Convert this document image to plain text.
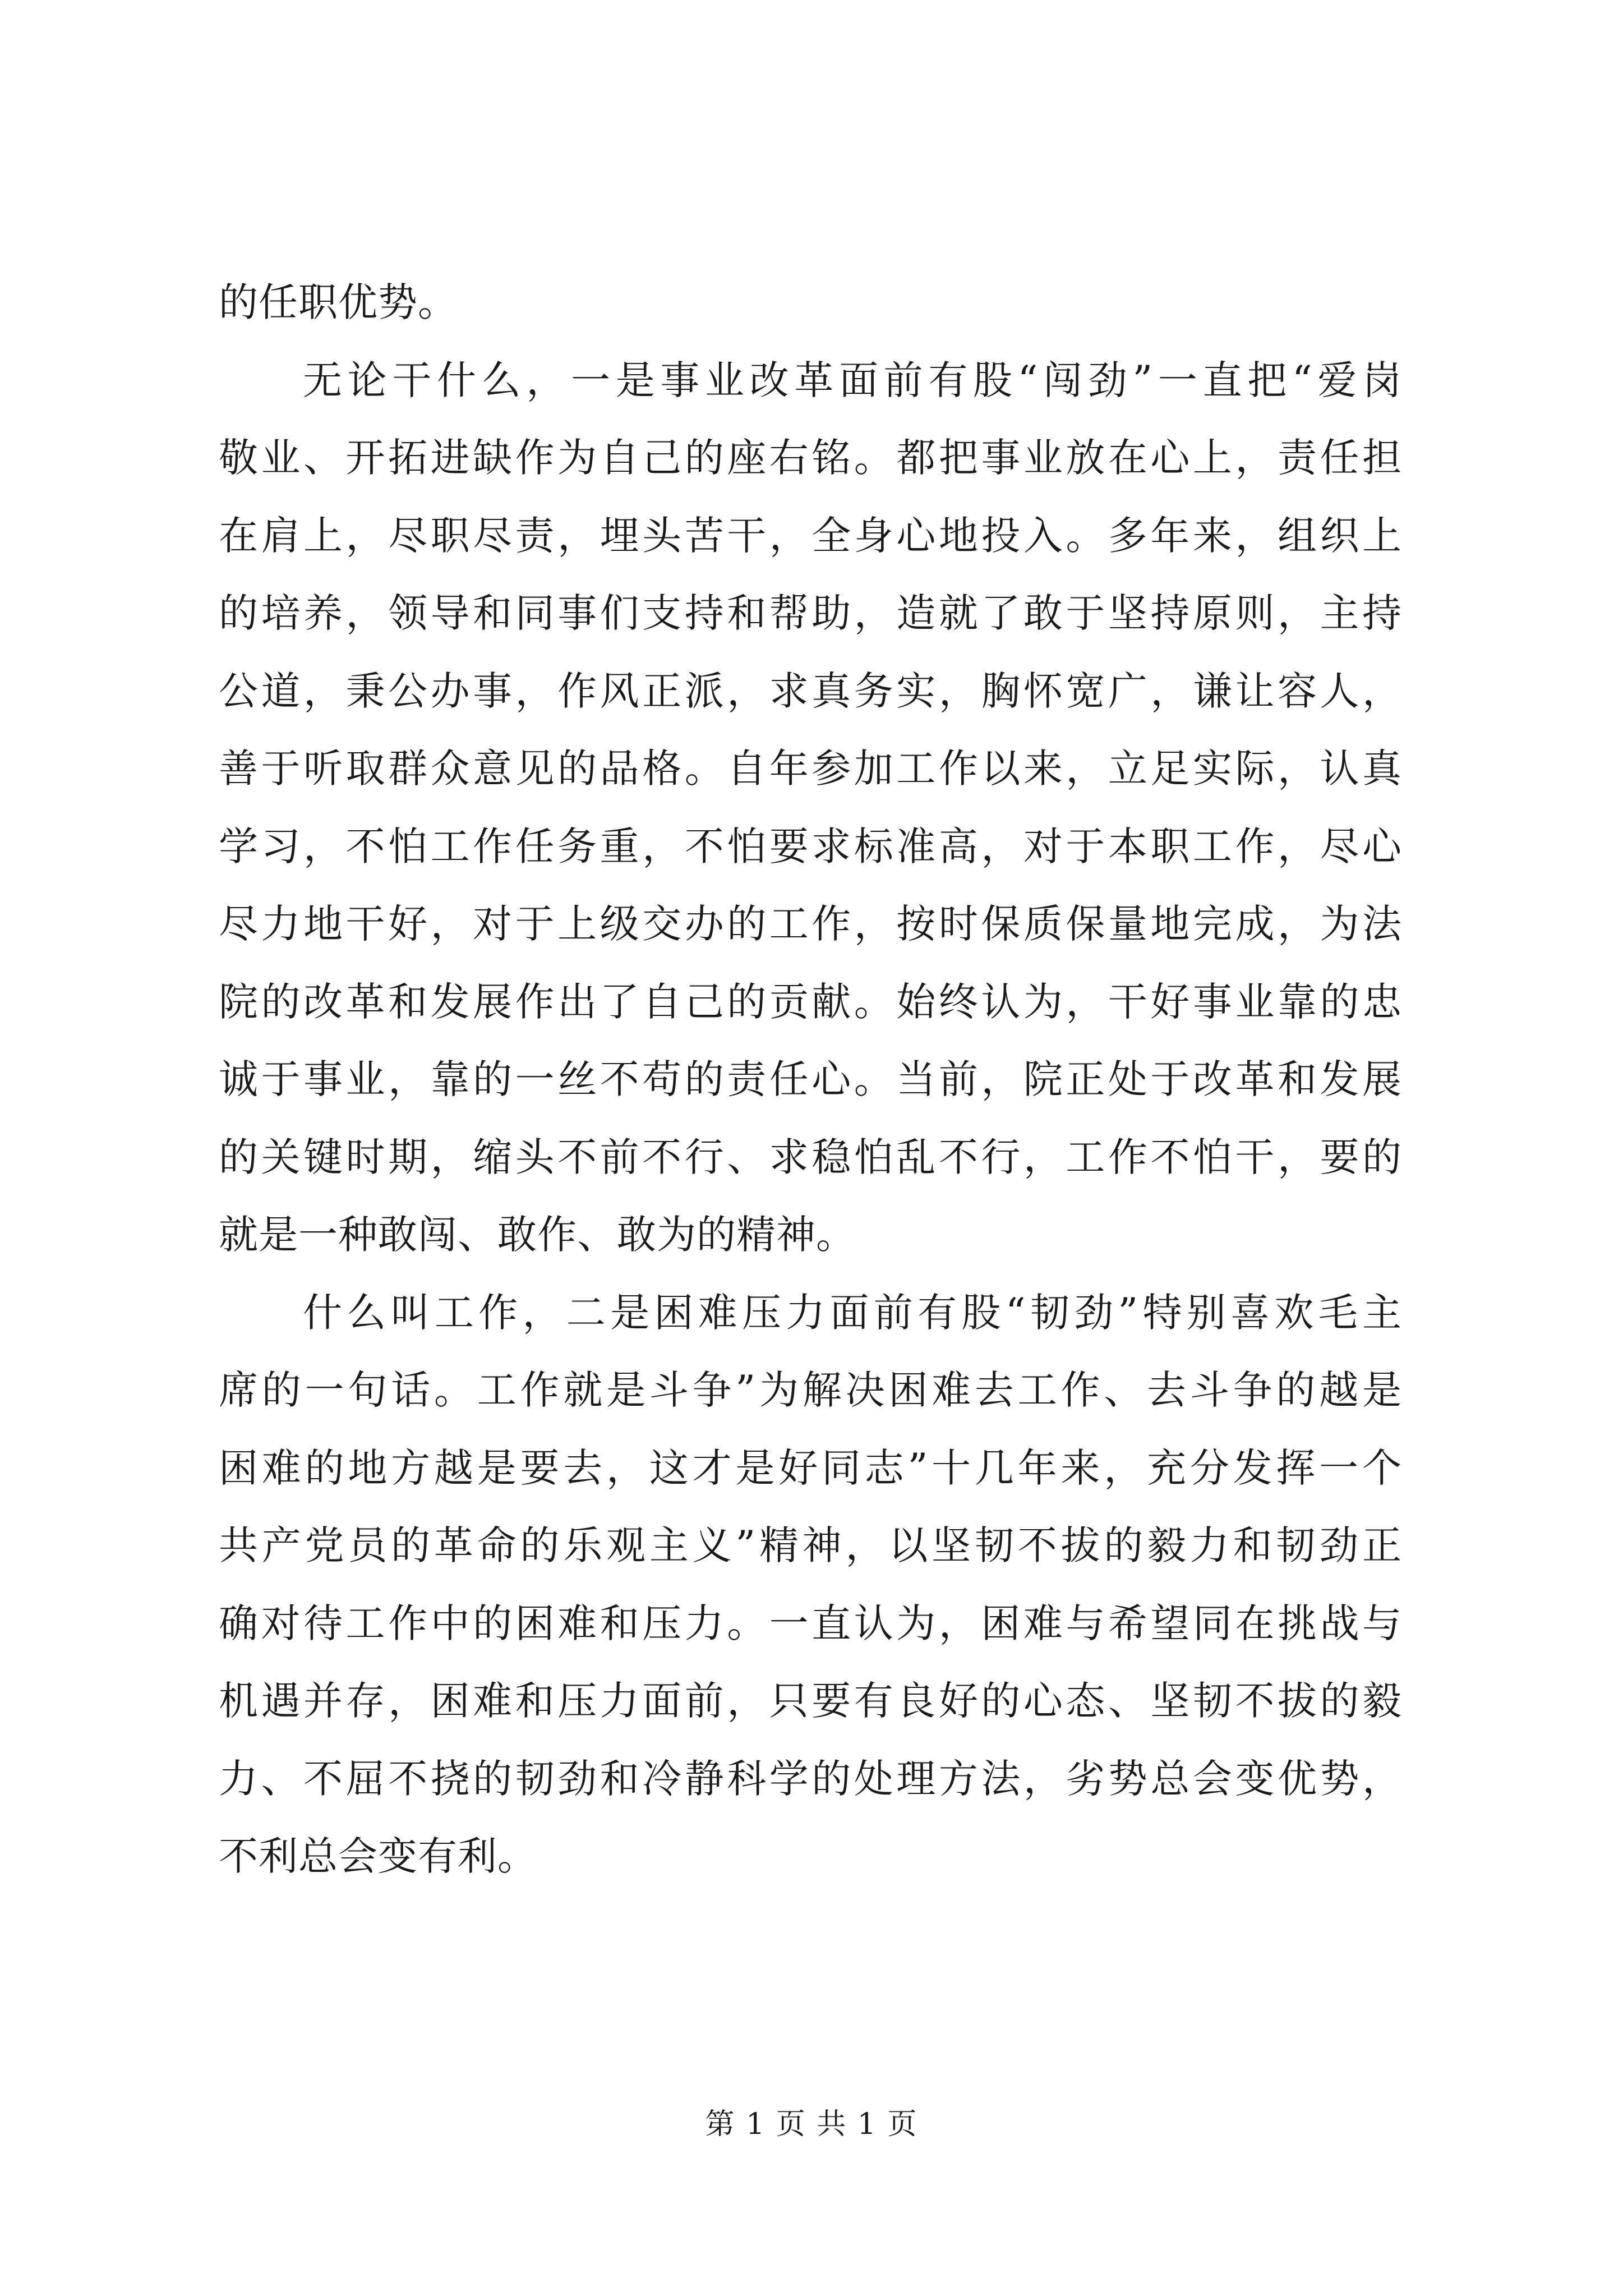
的任职优势。
无论干什么，一是事业改革面前有股“闯劲”一直把“爱岗
敬业、开拓进缺作为自己的座右铭。都把事业放在心上，责任担
在肩上，尽职尽责，埋头苦干，全身心地投入。多年来，组织上
的培养，领导和同事们支持和帮助，造就了敢于坚持原则，主持
公道，秉公办事，作风正派，求真务实，胸怀宽广，谦让容人，
善于听取群众意见的品格。自年参加工作以来，立足实际，认真
学习，不怕工作任务重，不怕要求标准高，对于本职工作，尽心
尽力地干好，对于上级交办的工作，按时保质保量地完成，为法
院的改革和发展作出了自己的贡献。始终认为，干好事业靠的忠
诚于事业，靠的一丝不苟的责任心。当前，院正处于改革和发展
的关键时期，缩头不前不行、求稳怕乱不行，工作不怕干，要的
就是一种敢闯、敢作、敢为的精神。
什么叫工作，二是困难压力面前有股“韧劲”特别喜欢毛主
席的一句话。工作就是斗争”为解决困难去工作、去斗争的越是
困难的地方越是要去，这才是好同志”十几年来，充分发挥一个
共产党员的革命的乐观主义”精神，以坚韧不拔的毅力和韧劲正
确对待工作中的困难和压力。一直认为，困难与希望同在挑战与
机遇并存，困难和压力面前，只要有良好的心态、坚韧不拔的毅
力、不屈不挠的韧劲和冷静科学的处理方法，劣势总会变优势，
不利总会变有利。
第 1 页 共 1 页
